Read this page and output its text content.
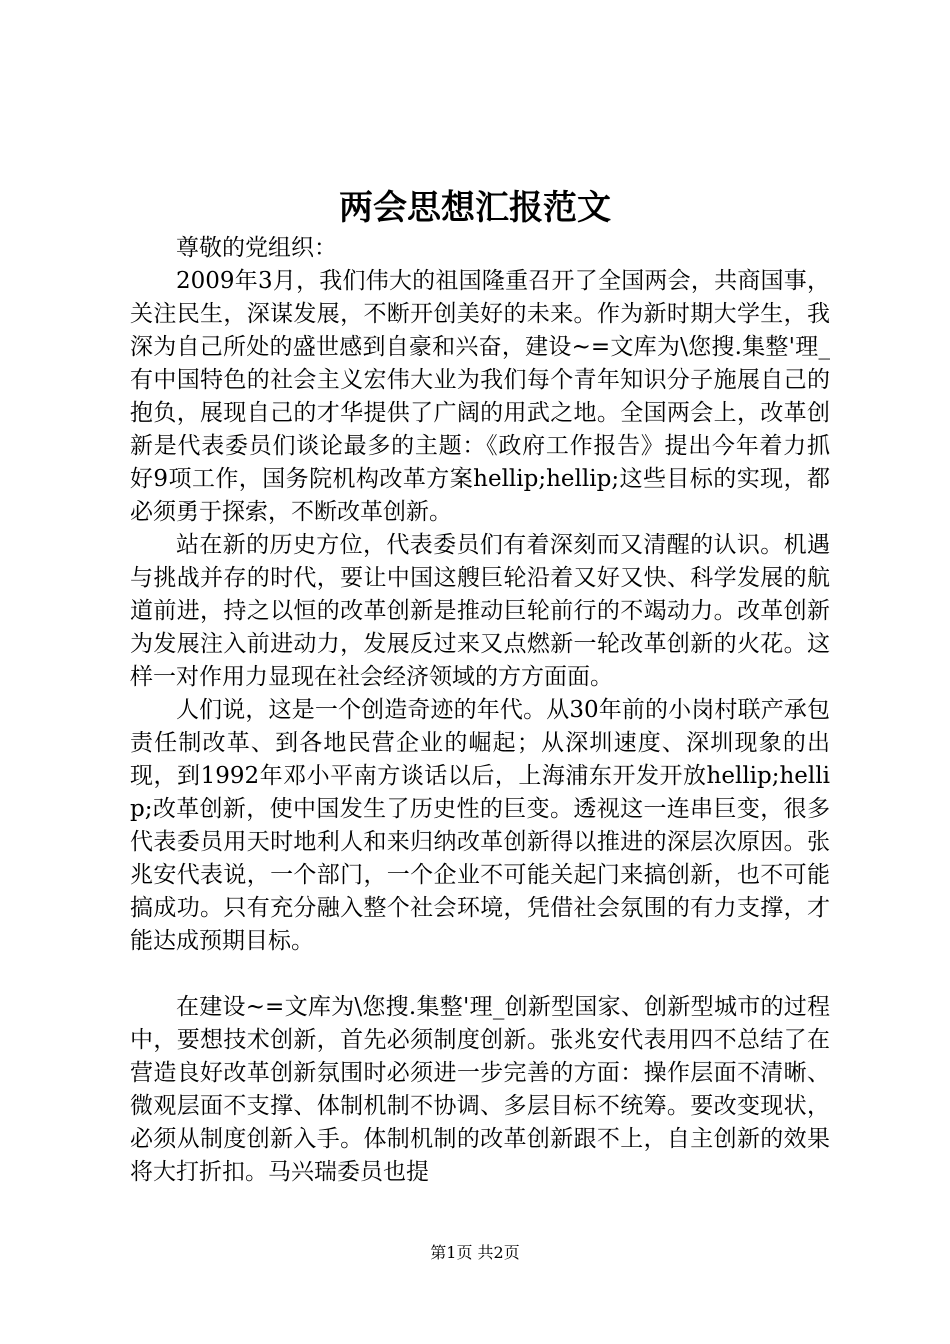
两会思想汇报范文

尊敬的党组织：

2009年3月，我们伟大的祖国隆重召开了全国两会，共商国事，关注民生，深谋发展，不断开创美好的未来。作为新时期大学生，我深为自己所处的盛世感到自豪和兴奋，建设~=文库为\您搜.集整'理_有中国特色的社会主义宏伟大业为我们每个青年知识分子施展自己的抱负，展现自己的才华提供了广阔的用武之地。全国两会上，改革创新是代表委员们谈论最多的主题：《政府工作报告》提出今年着力抓好9项工作，国务院机构改革方案hellip;hellip;这些目标的实现，都必须勇于探索，不断改革创新。

站在新的历史方位，代表委员们有着深刻而又清醒的认识。机遇与挑战并存的时代，要让中国这艘巨轮沿着又好又快、科学发展的航道前进，持之以恒的改革创新是推动巨轮前行的不竭动力。改革创新为发展注入前进动力，发展反过来又点燃新一轮改革创新的火花。这样一对作用力显现在社会经济领域的方方面面。

人们说，这是一个创造奇迹的年代。从30年前的小岗村联产承包责任制改革、到各地民营企业的崛起；从深圳速度、深圳现象的出现，到1992年邓小平南方谈话以后，上海浦东开发开放hellip;hellip;改革创新，使中国发生了历史性的巨变。透视这一连串巨变，很多代表委员用天时地利人和来归纳改革创新得以推进的深层次原因。张兆安代表说，一个部门，一个企业不可能关起门来搞创新，也不可能搞成功。只有充分融入整个社会环境，凭借社会氛围的有力支撑，才能达成预期目标。

在建设~=文库为\您搜.集整'理_创新型国家、创新型城市的过程中，要想技术创新，首先必须制度创新。张兆安代表用四不总结了在营造良好改革创新氛围时必须进一步完善的方面：操作层面不清晰、微观层面不支撑、体制机制不协调、多层目标不统筹。要改变现状，必须从制度创新入手。体制机制的改革创新跟不上，自主创新的效果将大打折扣。马兴瑞委员也提

第1页 共2页
